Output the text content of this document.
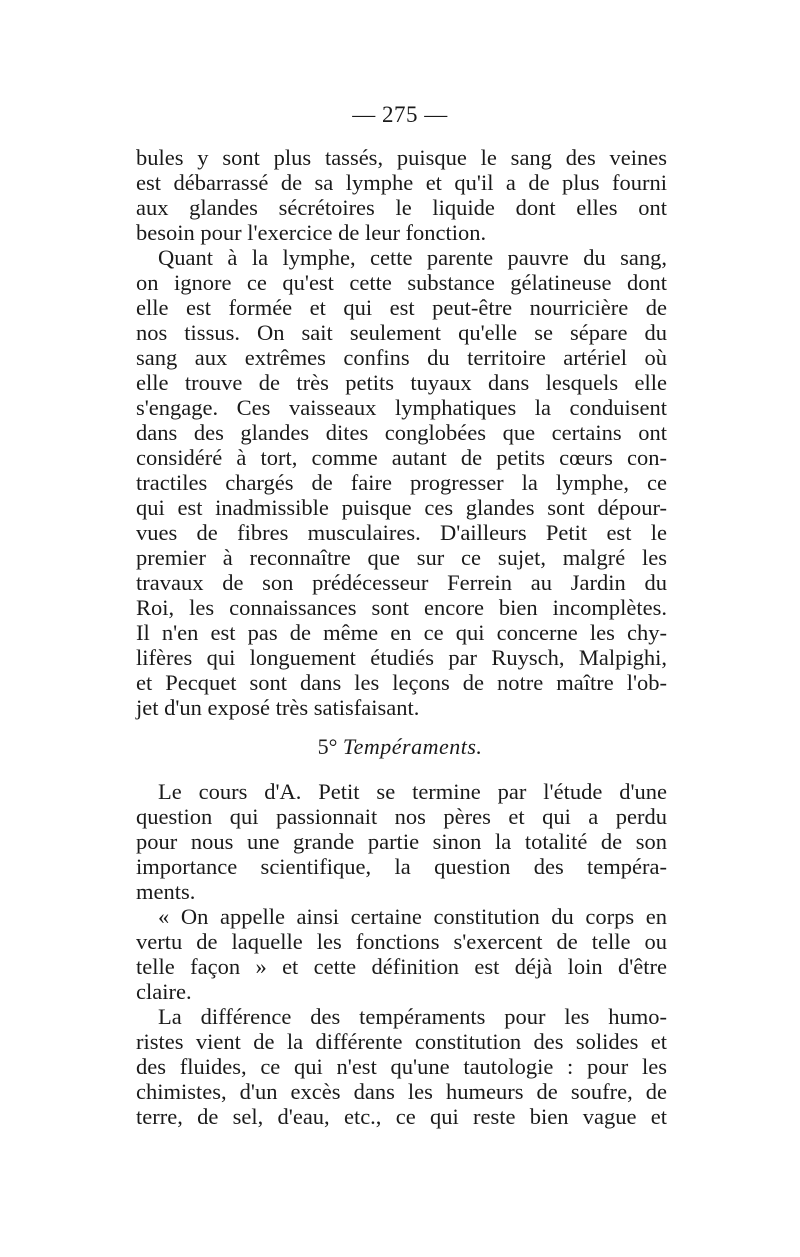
— 275 —
bules y sont plus tassés, puisque le sang des veines
est débarrassé de sa lymphe et qu'il a de plus fourni
aux glandes sécrétoires le liquide dont elles ont
besoin pour l'exercice de leur fonction.
Quant à la lymphe, cette parente pauvre du sang,
on ignore ce qu'est cette substance gélatineuse dont
elle est formée et qui est peut-être nourricière de
nos tissus. On sait seulement qu'elle se sépare du
sang aux extrêmes confins du territoire artériel où
elle trouve de très petits tuyaux dans lesquels elle
s'engage. Ces vaisseaux lymphatiques la conduisent
dans des glandes dites conglobées que certains ont
considéré à tort, comme autant de petits cœurs con-
tractiles chargés de faire progresser la lymphe, ce
qui est inadmissible puisque ces glandes sont dépour-
vues de fibres musculaires. D'ailleurs Petit est le
premier à reconnaître que sur ce sujet, malgré les
travaux de son prédécesseur Ferrein au Jardin du
Roi, les connaissances sont encore bien incomplètes.
Il n'en est pas de même en ce qui concerne les chy-
lifères qui longuement étudiés par Ruysch, Malpighi,
et Pecquet sont dans les leçons de notre maître l'ob-
jet d'un exposé très satisfaisant.
5° Tempéraments.
Le cours d'A. Petit se termine par l'étude d'une
question qui passionnait nos pères et qui a perdu
pour nous une grande partie sinon la totalité de son
importance scientifique, la question des tempéra-
ments.
« On appelle ainsi certaine constitution du corps en
vertu de laquelle les fonctions s'exercent de telle ou
telle façon » et cette définition est déjà loin d'être
claire.
La différence des tempéraments pour les humo-
ristes vient de la différente constitution des solides et
des fluides, ce qui n'est qu'une tautologie : pour les
chimistes, d'un excès dans les humeurs de soufre, de
terre, de sel, d'eau, etc., ce qui reste bien vague et
